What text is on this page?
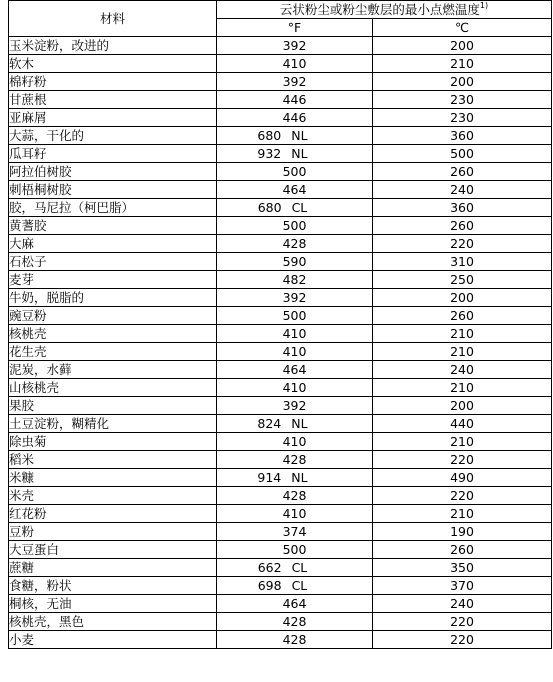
材料	云状粉尘或粉尘敷层的最小点燃温度$^{1)}$
	°F	℃
玉米淀粉，改进的	392	200
软木	410	210
棉籽粉	392	200
甘蔗根	446	230
亚麻屑	446	230
大蒜，干化的	680 NL	360
瓜耳籽	932 NL	500
阿拉伯树胶	500	260
刺梧桐树胶	464	240
胶，马尼拉（柯巴脂）	680 CL	360
黄蓍胶	500	260
大麻	428	220
石松子	590	310
麦芽	482	250
牛奶，脱脂的	392	200
豌豆粉	500	260
核桃壳	410	210
花生壳	410	210
泥炭，水藓	464	240
山核桃壳	410	210
果胶	392	200
土豆淀粉，糊精化	824 NL	440
除虫菊	410	210
稻米	428	220
米糠	914 NL	490
米壳	428	220
红花粉	410	210
豆粉	374	190
大豆蛋白	500	260
蔗糖	662 CL	350
食糖，粉状	698 CL	370
桐核，无油	464	240
核桃壳，黑色	428	220
小麦	428	220
